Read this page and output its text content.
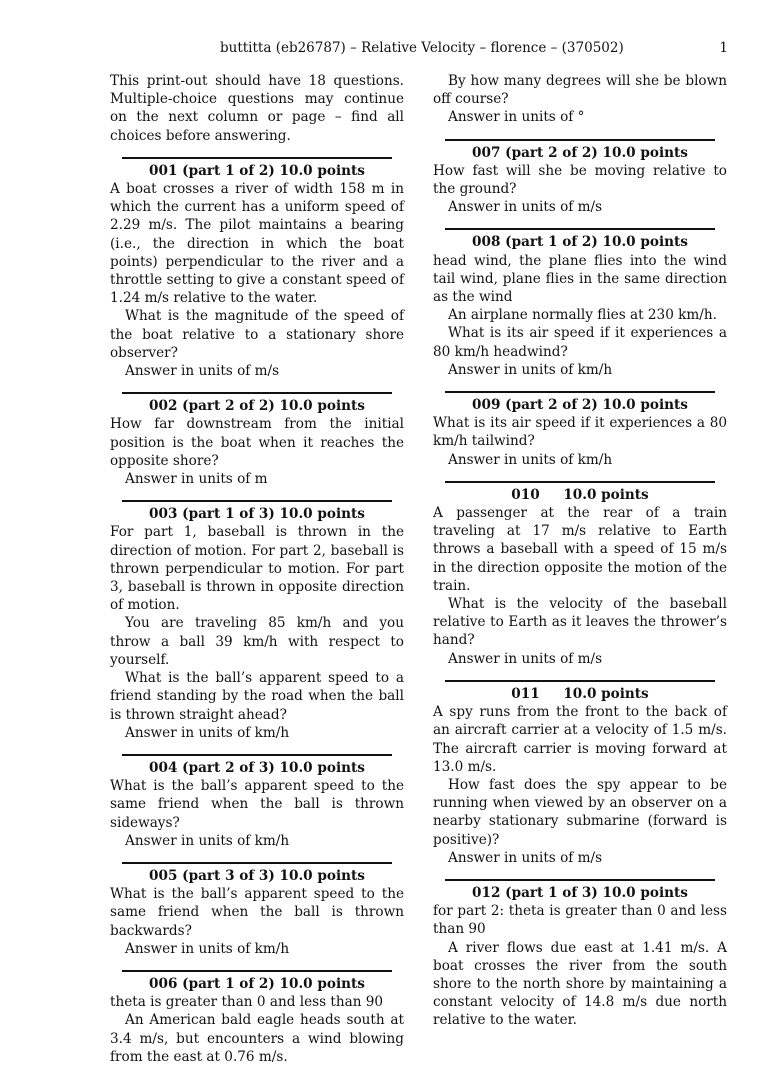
buttitta (eb26787) – Relative Velocity – florence – (370502)	1

This print-out should have 18 questions. Multiple-choice questions may continue on the next column or page – find all choices before answering.

001 (part 1 of 2) 10.0 points

A boat crosses a river of width 158 m in which the current has a uniform speed of 2.29 m/s. The pilot maintains a bearing (i.e., the direction in which the boat points) perpendicular to the river and a throttle setting to give a constant speed of 1.24 m/s relative to the water.

What is the magnitude of the speed of the boat relative to a stationary shore observer?

Answer in units of m/s

002 (part 2 of 2) 10.0 points

How far downstream from the initial position is the boat when it reaches the opposite shore?

Answer in units of m

003 (part 1 of 3) 10.0 points

For part 1, baseball is thrown in the direction of motion. For part 2, baseball is thrown perpendicular to motion. For part 3, baseball is thrown in opposite direction of motion.

You are traveling 85 km/h and you throw a ball 39 km/h with respect to yourself.

What is the ball’s apparent speed to a friend standing by the road when the ball is thrown straight ahead?

Answer in units of km/h

004 (part 2 of 3) 10.0 points

What is the ball’s apparent speed to the same friend when the ball is thrown sideways?

Answer in units of km/h

005 (part 3 of 3) 10.0 points

What is the ball’s apparent speed to the same friend when the ball is thrown backwards?

Answer in units of km/h

006 (part 1 of 2) 10.0 points

theta is greater than 0 and less than 90

An American bald eagle heads south at 3.4 m/s, but encounters a wind blowing from the east at 0.76 m/s.

By how many degrees will she be blown off course?

Answer in units of °

007 (part 2 of 2) 10.0 points

How fast will she be moving relative to the ground?

Answer in units of m/s

008 (part 1 of 2) 10.0 points

head wind, the plane flies into the wind tail wind, plane flies in the same direction as the wind

An airplane normally flies at 230 km/h.

What is its air speed if it experiences a 80 km/h headwind?

Answer in units of km/h

009 (part 2 of 2) 10.0 points

What is its air speed if it experiences a 80 km/h tailwind?

Answer in units of km/h

010     10.0 points

A passenger at the rear of a train traveling at 17 m/s relative to Earth throws a baseball with a speed of 15 m/s in the direction opposite the motion of the train.

What is the velocity of the baseball relative to Earth as it leaves the thrower’s hand?

Answer in units of m/s

011     10.0 points

A spy runs from the front to the back of an aircraft carrier at a velocity of 1.5 m/s. The aircraft carrier is moving forward at 13.0 m/s.

How fast does the spy appear to be running when viewed by an observer on a nearby stationary submarine (forward is positive)?

Answer in units of m/s

012 (part 1 of 3) 10.0 points

for part 2: theta is greater than 0 and less than 90

A river flows due east at 1.41 m/s. A boat crosses the river from the south shore to the north shore by maintaining a constant velocity of 14.8 m/s due north relative to the water.
